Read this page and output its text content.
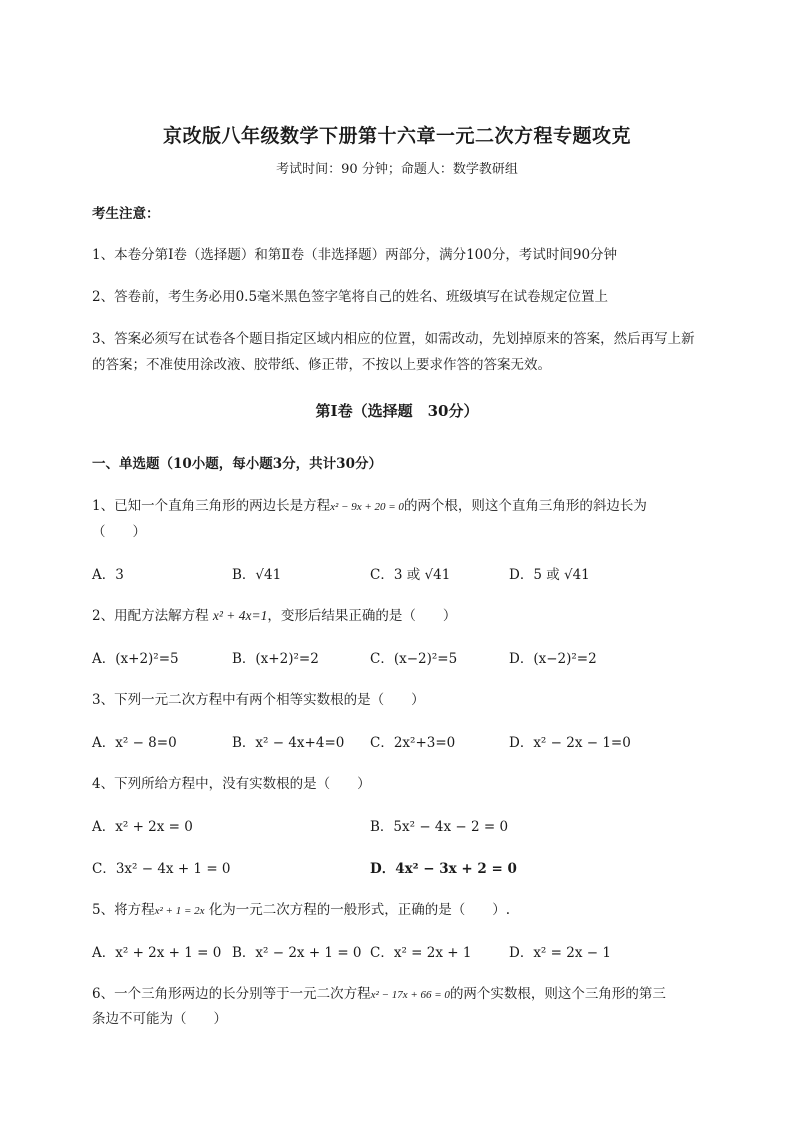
京改版八年级数学下册第十六章一元二次方程专题攻克
考试时间：90 分钟；命题人：数学教研组
考生注意：
1、本卷分第Ⅰ卷（选择题）和第Ⅱ卷（非选择题）两部分，满分100分，考试时间90分钟
2、答卷前，考生务必用0.5毫米黑色签字笔将自己的姓名、班级填写在试卷规定位置上
3、答案必须写在试卷各个题目指定区域内相应的位置，如需改动，先划掉原来的答案，然后再写上新
的答案；不准使用涂改液、胶带纸、修正带，不按以上要求作答的答案无效。
第Ⅰ卷（选择题　30分）
一、单选题（10小题，每小题3分，共计30分）
1、已知一个直角三角形的两边长是方程x² − 9x + 20 = 0的两个根，则这个直角三角形的斜边长为
（　　）
A．3	B．√41	C．3 或 √41	D．5 或 √41
2、用配方法解方程 x² + 4x=1，变形后结果正确的是（　　）
A．(x+2)²=5	B．(x+2)²=2	C．(x−2)²=5	D．(x−2)²=2
3、下列一元二次方程中有两个相等实数根的是（　　）
A．x² − 8=0	B．x² − 4x+4=0 C．2x²+3=0	D．x² − 2x − 1=0
4、下列所给方程中，没有实数根的是（　　）
A．x² + 2x = 0	B．5x² − 4x − 2 = 0
C．3x² − 4x + 1 = 0	D．4x² − 3x + 2 = 0
5、将方程x² + 1 = 2x 化为一元二次方程的一般形式，正确的是（　　）.
A．x² + 2x + 1 = 0 B．x² − 2x + 1 = 0 C．x² = 2x + 1	D．x² = 2x − 1
6、一个三角形两边的长分别等于一元二次方程x² − 17x + 66 = 0的两个实数根，则这个三角形的第三
条边不可能为（　　）
